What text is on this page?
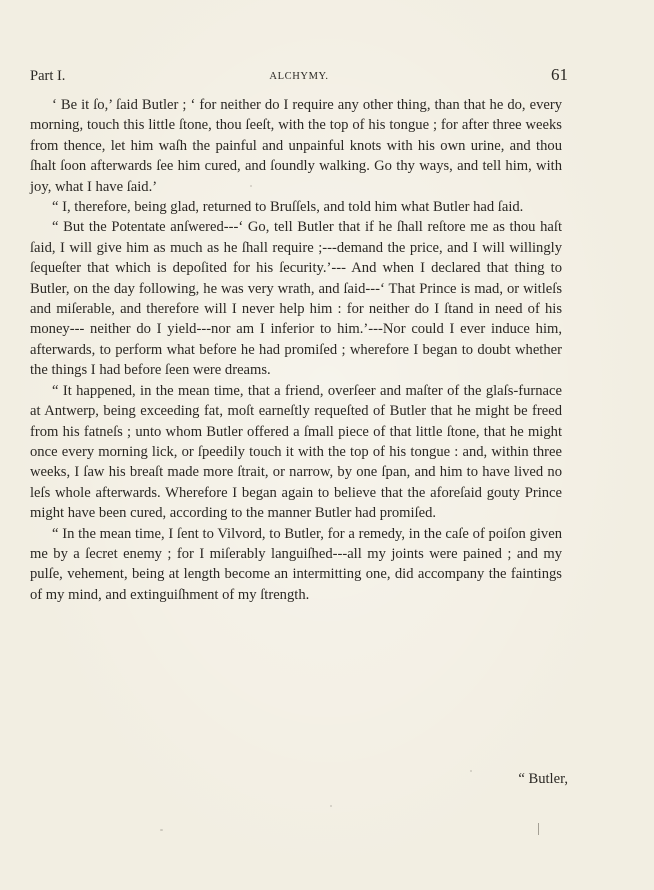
Part I.	ALCHYMY.	61

‘ Be it ſo,’ ſaid Butler ; ‘ for neither do I require any other thing, than that he do, every morning, touch this little ſtone, thou ſeeſt, with the top of his tongue ; for after three weeks from thence, let him waſh the painful and unpainful knots with his own urine, and thou ſhalt ſoon afterwards ſee him cured, and ſoundly walking. Go thy ways, and tell him, with joy, what I have ſaid.’

“ I, therefore, being glad, returned to Bruſſels, and told him what Butler had ſaid.

“ But the Potentate anſwered---‘ Go, tell Butler that if he ſhall reſtore me as thou haſt ſaid, I will give him as much as he ſhall require ;---demand the price, and I will willingly ſequeſter that which is depoſited for his ſecurity.’--- And when I declared that thing to Butler, on the day following, he was very wrath, and ſaid---‘ That Prince is mad, or witleſs and miſerable, and therefore will I never help him : for neither do I ſtand in need of his money--- neither do I yield---nor am I inferior to him.’---Nor could I ever induce him, afterwards, to perform what before he had promiſed ; wherefore I began to doubt whether the things I had before ſeen were dreams.

“ It happened, in the mean time, that a friend, overſeer and maſter of the glaſs-furnace at Antwerp, being exceeding fat, moſt earneſtly requeſted of Butler that he might be freed from his fatneſs ; unto whom Butler offered a ſmall piece of that little ſtone, that he might once every morning lick, or ſpeedily touch it with the top of his tongue : and, within three weeks, I ſaw his breaſt made more ſtrait, or narrow, by one ſpan, and him to have lived no leſs whole afterwards. Wherefore I began again to believe that the aforeſaid gouty Prince might have been cured, according to the manner Butler had promiſed.

“ In the mean time, I ſent to Vilvord, to Butler, for a remedy, in the caſe of poiſon given me by a ſecret enemy ; for I miſerably languiſhed---all my joints were pained ; and my pulſe, vehement, being at length become an intermitting one, did accompany the faintings of my mind, and extinguiſhment of my ſtrength.

“ Butler,
